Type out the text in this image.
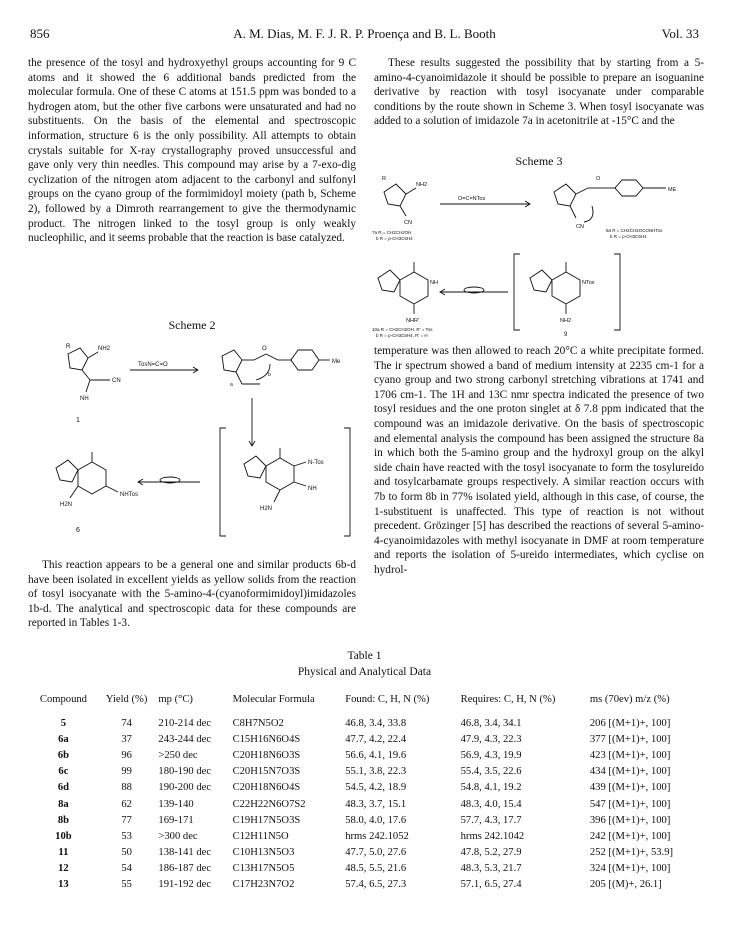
856	A. M. Dias, M. F. J. R. P. Proença and B. L. Booth	Vol. 33

the presence of the tosyl and hydroxyethyl groups accounting for 9 C atoms and it showed the 6 additional bands predicted from the molecular formula. One of these C atoms at 151.5 ppm was bonded to a hydrogen atom, but the other five carbons were unsaturated and had no substituents. On the basis of the elemental and spectroscopic information, structure 6 is the only possibility. All attempts to obtain crystals suitable for X-ray crystallography proved unsuccessful and gave only very thin needles. This compound may arise by a 7-exo-dig cyclization of the nitrogen atom adjacent to the carbonyl and sulfonyl groups on the cyano group of the formimidoyl moiety (path b, Scheme 2), followed by a Dimroth rearrangement to give the thermodynamic product. The nitrogen linked to the tosyl group is only weakly nucleophilic, and it seems probable that the reaction is base catalyzed.

Scheme 2
R	NH2
CN
NH
1
TosN=C=O
O
Me
a
b
N-Tos
NH
H2N
NHTos
H2N
6

This reaction appears to be a general one and similar products 6b-d have been isolated in excellent yields as yellow solids from the reaction of tosyl isocyanate with the 5-amino-4-(cyanoformimidoyl)imidazoles 1b-d. The analytical and spectroscopic data for these compounds are reported in Tables 1-3.

These results suggested the possibility that by starting from a 5-amino-4-cyanoimidazole it should be possible to prepare an isoguanine derivative by reaction with tosyl isocyanate under comparable conditions by the route shown in Scheme 3. When tosyl isocyanate was added to a solution of imidazole 7a in acetonitrile at -15°C and the

Scheme 3
R
NH2
CN
7a R = CH2CH2OH
b R = p-CH3C6H4
O=C=NTos
O
ME
CN
8a R = CH2CH2OCONHTos
b R = p-CH3C6H4
NTos
NH2
9
NH
NHR'
10a R = CH2CH2OH, R' = Tos
b R = p-CH3C6H4, R' = H

temperature was then allowed to reach 20°C a white precipitate formed. The ir spectrum showed a band of medium intensity at 2235 cm-1 for a cyano group and two strong carbonyl stretching vibrations at 1741 and 1706 cm-1. The 1H and 13C nmr spectra indicated the presence of two tosyl residues and the one proton singlet at δ 7.8 ppm indicated that the compound was an imidazole derivative. On the basis of spectroscopic and elemental analysis the compound has been assigned the structure 8a in which both the 5-amino group and the hydroxyl group on the alkyl side chain have reacted with the tosyl isocyanate to form the tosylureido and tosylcarbamate groups respectively. A similar reaction occurs with 7b to form 8b in 77% isolated yield, although in this case, of course, the 1-substituent is unaffected. This type of reaction is not without precedent. Grözinger [5] has described the reactions of several 5-amino-4-cyanoimidazoles with methyl isocyanate in DMF at room temperature and reports the isolation of 5-ureido intermediates, which cyclise on hydrol-

Table 1
Physical and Analytical Data
Compound	Yield (%)	mp (°C)	Molecular Formula	Found: C, H, N (%)	Requires: C, H, N (%)	ms (70ev) m/z (%)
5	74	210-214 dec	C8H7N5O2	46.8, 3.4, 33.8	46.8, 3.4, 34.1	206 [(M+1)+, 100]
6a	37	243-244 dec	C15H16N6O4S	47.7, 4.2, 22.4	47.9, 4.3, 22.3	377 [(M+1)+, 100]
6b	96	>250 dec	C20H18N6O3S	56.6, 4.1, 19.6	56.9, 4.3, 19.9	423 [(M+1)+, 100]
6c	99	180-190 dec	C20H15N7O3S	55.1, 3.8, 22.3	55.4, 3.5, 22.6	434 [(M+1)+, 100]
6d	88	190-200 dec	C20H18N6O4S	54.5, 4.2, 18.9	54.8, 4.1, 19.2	439 [(M+1)+, 100]
8a	62	139-140	C22H22N6O7S2	48.3, 3.7, 15.1	48.3, 4.0, 15.4	547 [(M+1)+, 100]
8b	77	169-171	C19H17N5O3S	58.0, 4.0, 17.6	57.7, 4.3, 17.7	396 [(M+1)+, 100]
10b	53	>300 dec	C12H11N5O	hrms 242.1052	hrms 242.1042	242 [(M+1)+, 100]
11	50	138-141 dec	C10H13N5O3	47.7, 5.0, 27.6	47.8, 5.2, 27.9	252 [(M+1)+, 53.9]
12	54	186-187 dec	C13H17N5O5	48.5, 5.5, 21.6	48.3, 5.3, 21.7	324 [(M+1)+, 100]
13	55	191-192 dec	C17H23N7O2	57.4, 6.5, 27.3	57.1, 6.5, 27.4	205 [(M)+, 26.1]
